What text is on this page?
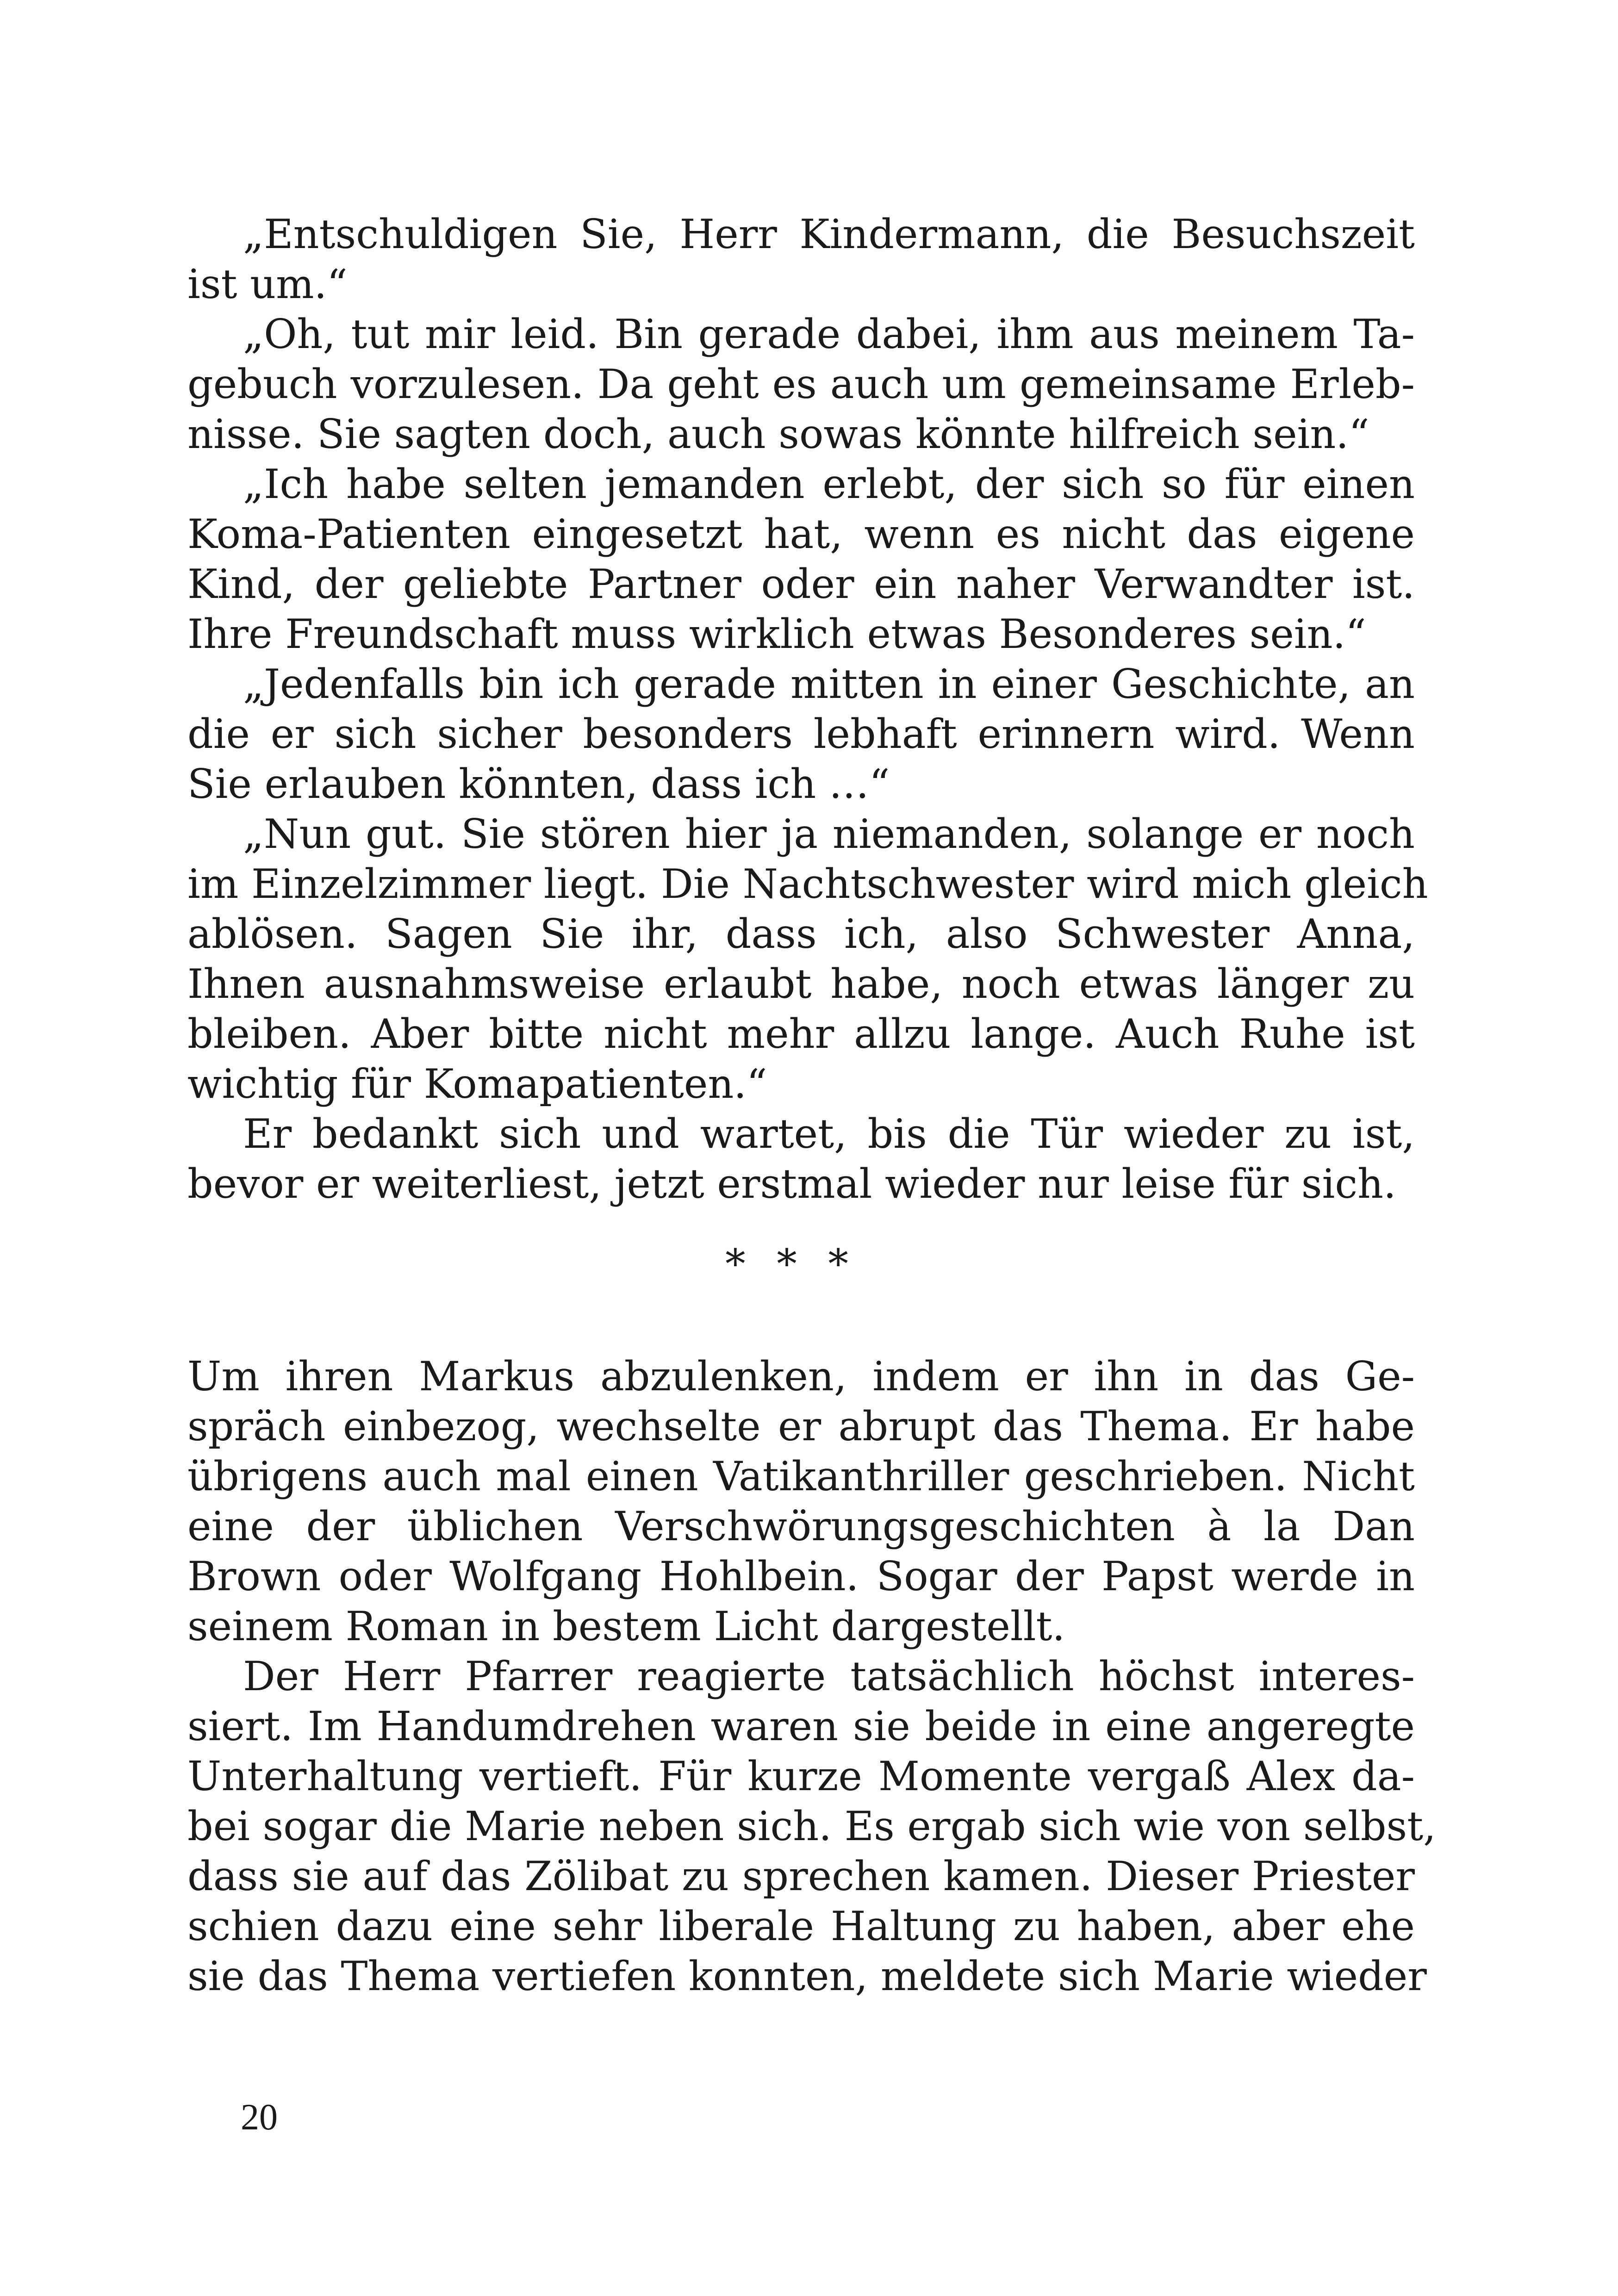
„Entschuldigen Sie, Herr Kindermann, die Besuchszeit
ist um.“
„Oh, tut mir leid. Bin gerade dabei, ihm aus meinem Ta-
gebuch vorzulesen. Da geht es auch um gemeinsame Erleb-
nisse. Sie sagten doch, auch sowas könnte hilfreich sein.“
„Ich habe selten jemanden erlebt, der sich so für einen
Koma-Patienten eingesetzt hat, wenn es nicht das eigene
Kind, der geliebte Partner oder ein naher Verwandter ist.
Ihre Freundschaft muss wirklich etwas Besonderes sein.“
„Jedenfalls bin ich gerade mitten in einer Geschichte, an
die er sich sicher besonders lebhaft erinnern wird. Wenn
Sie erlauben könnten, dass ich …“
„Nun gut. Sie stören hier ja niemanden, solange er noch
im Einzelzimmer liegt. Die Nachtschwester wird mich gleich
ablösen. Sagen Sie ihr, dass ich, also Schwester Anna,
Ihnen ausnahmsweise erlaubt habe, noch etwas länger zu
bleiben. Aber bitte nicht mehr allzu lange. Auch Ruhe ist
wichtig für Komapatienten.“
Er bedankt sich und wartet, bis die Tür wieder zu ist,
bevor er weiterliest, jetzt erstmal wieder nur leise für sich.
* * *
Um ihren Markus abzulenken, indem er ihn in das Ge-
spräch einbezog, wechselte er abrupt das Thema. Er habe
übrigens auch mal einen Vatikanthriller geschrieben. Nicht
eine der üblichen Verschwörungsgeschichten à la Dan
Brown oder Wolfgang Hohlbein. Sogar der Papst werde in
seinem Roman in bestem Licht dargestellt.
Der Herr Pfarrer reagierte tatsächlich höchst interes-
siert. Im Handumdrehen waren sie beide in eine angeregte
Unterhaltung vertieft. Für kurze Momente vergaß Alex da-
bei sogar die Marie neben sich. Es ergab sich wie von selbst,
dass sie auf das Zölibat zu sprechen kamen. Dieser Priester
schien dazu eine sehr liberale Haltung zu haben, aber ehe
sie das Thema vertiefen konnten, meldete sich Marie wieder
20
